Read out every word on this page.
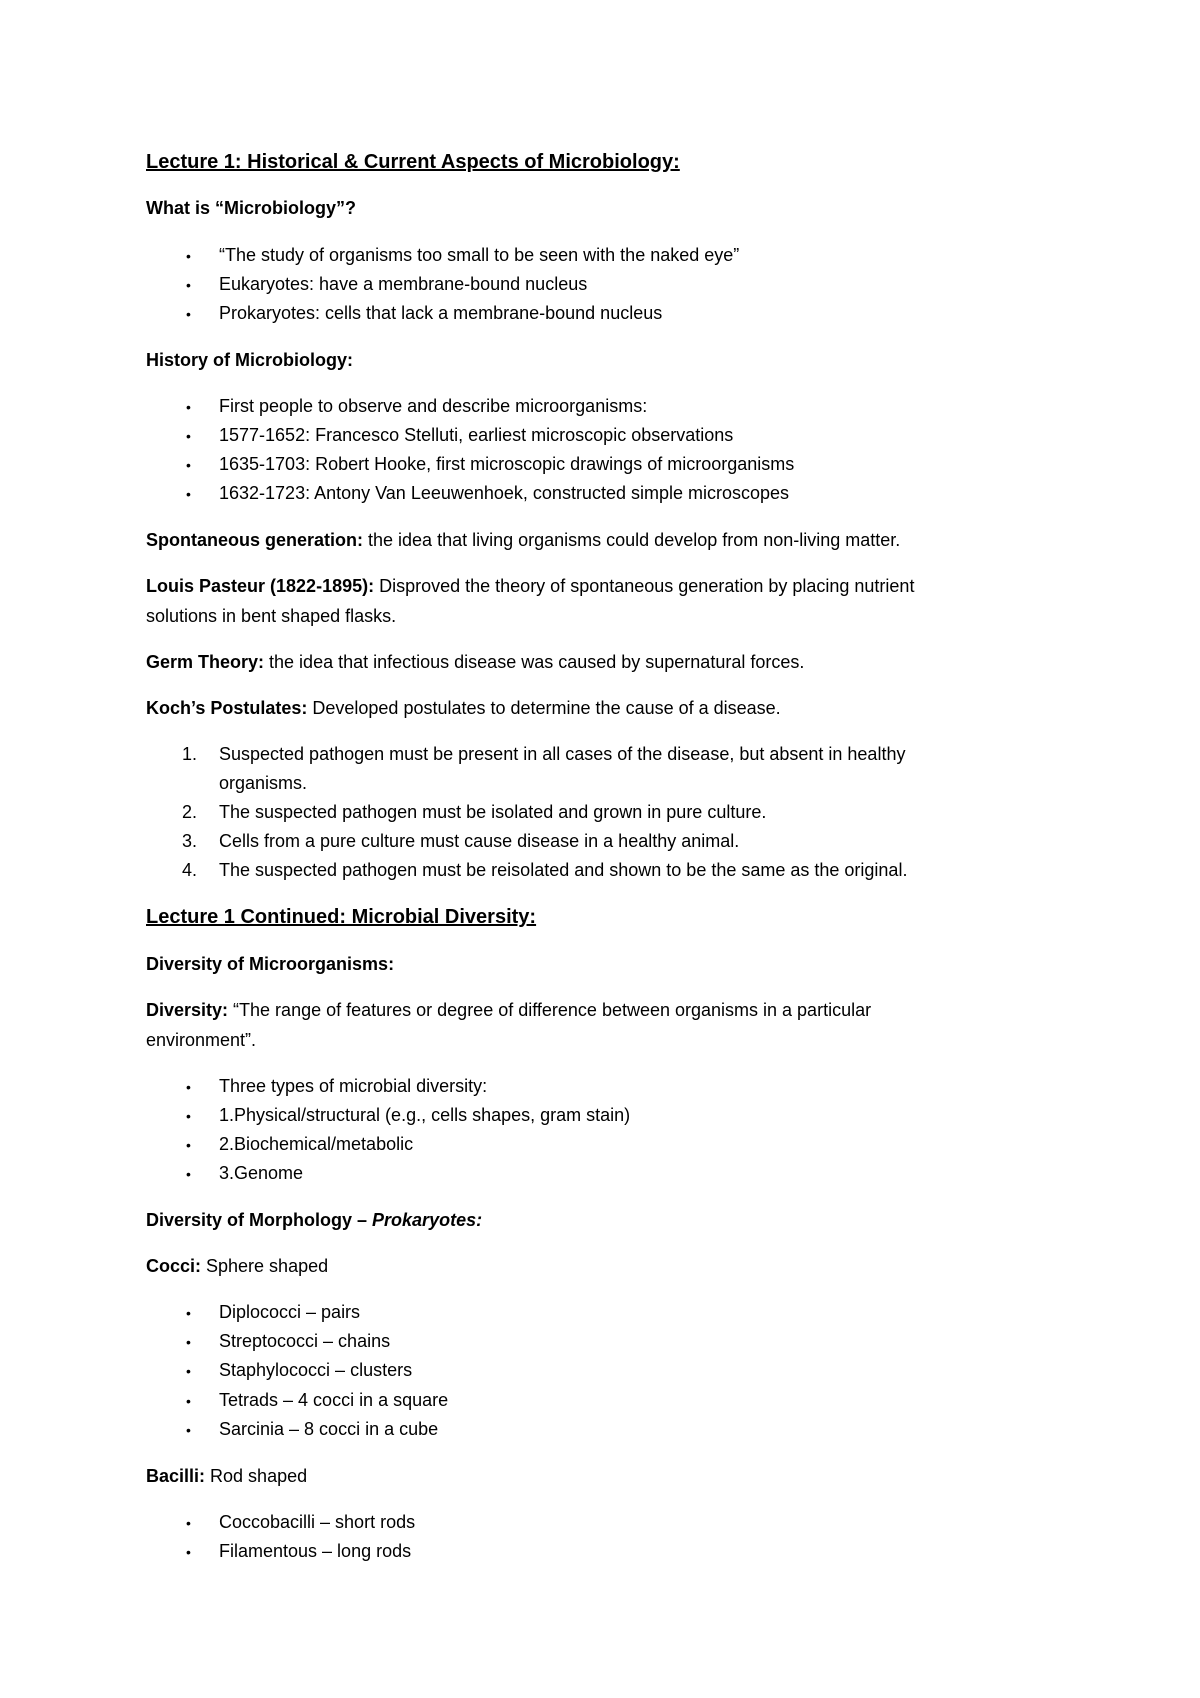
Lecture 1: Historical & Current Aspects of Microbiology:
What is “Microbiology”?
• “The study of organisms too small to be seen with the naked eye”
• Eukaryotes: have a membrane-bound nucleus
• Prokaryotes: cells that lack a membrane-bound nucleus
History of Microbiology:
• First people to observe and describe microorganisms:
• 1577-1652: Francesco Stelluti, earliest microscopic observations
• 1635-1703: Robert Hooke, first microscopic drawings of microorganisms
• 1632-1723: Antony Van Leeuwenhoek, constructed simple microscopes
Spontaneous generation: the idea that living organisms could develop from non-living matter.
Louis Pasteur (1822-1895): Disproved the theory of spontaneous generation by placing nutrient
solutions in bent shaped flasks.
Germ Theory: the idea that infectious disease was caused by supernatural forces.
Koch’s Postulates: Developed postulates to determine the cause of a disease.
1. Suspected pathogen must be present in all cases of the disease, but absent in healthy
organisms.
2. The suspected pathogen must be isolated and grown in pure culture.
3. Cells from a pure culture must cause disease in a healthy animal.
4. The suspected pathogen must be reisolated and shown to be the same as the original.
Lecture 1 Continued: Microbial Diversity:
Diversity of Microorganisms:
Diversity: “The range of features or degree of difference between organisms in a particular
environment”.
• Three types of microbial diversity:
• 1.Physical/structural (e.g., cells shapes, gram stain)
• 2.Biochemical/metabolic
• 3.Genome
Diversity of Morphology – Prokaryotes:
Cocci: Sphere shaped
• Diplococci – pairs
• Streptococci – chains
• Staphylococci – clusters
• Tetrads – 4 cocci in a square
• Sarcinia – 8 cocci in a cube
Bacilli: Rod shaped
• Coccobacilli – short rods
• Filamentous – long rods
